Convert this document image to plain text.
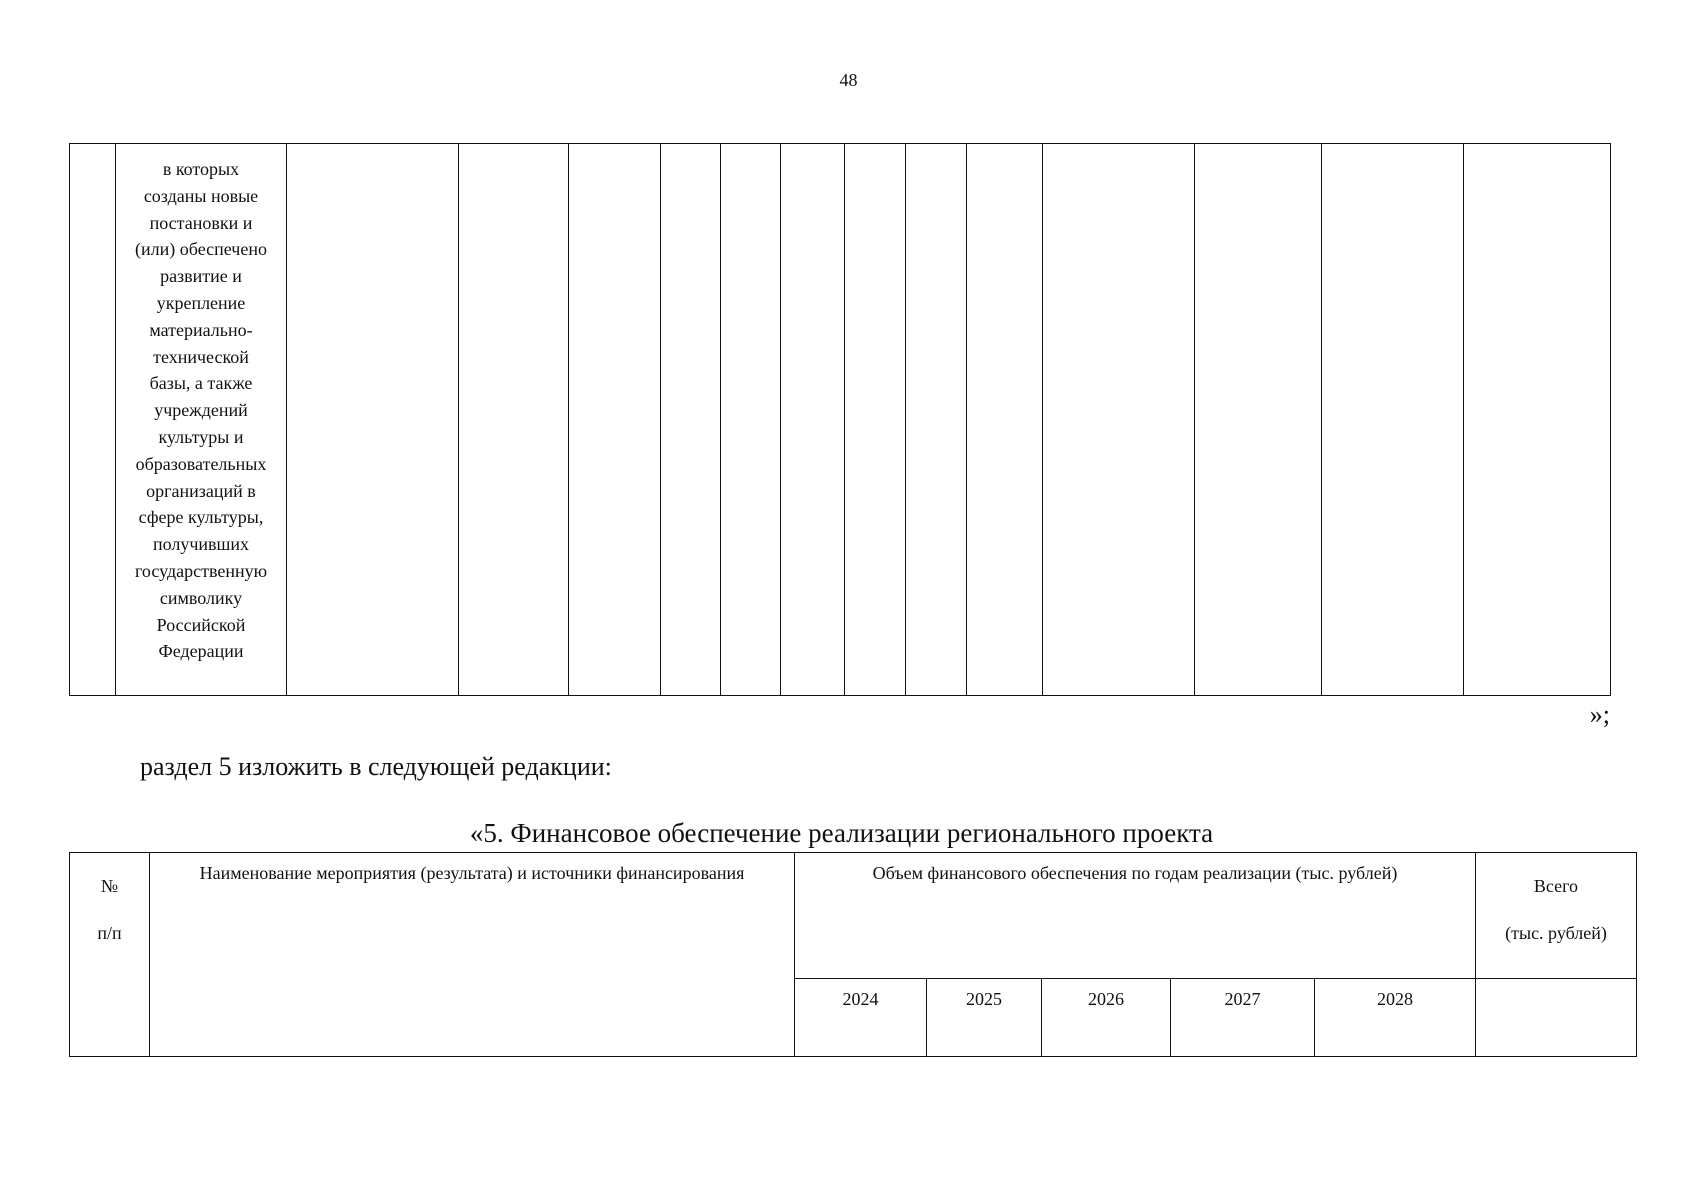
48

в которых
созданы новые
постановки и
(или) обеспечено
развитие и
укрепление
материально-
технической
базы, а также
учреждений
культуры и
образовательных
организаций в
сфере культуры,
получивших
государственную
символику
Российской
Федерации

»;
раздел 5 изложить в следующей редакции:
«5. Финансовое обеспечение реализации регионального проекта
№
п/п	Наименование мероприятия (результата) и источники финансирования	Объем финансового обеспечения по годам реализации (тыс. рублей)					Всего
(тыс. рублей)

		2024	2025	2026	2027	2028	
